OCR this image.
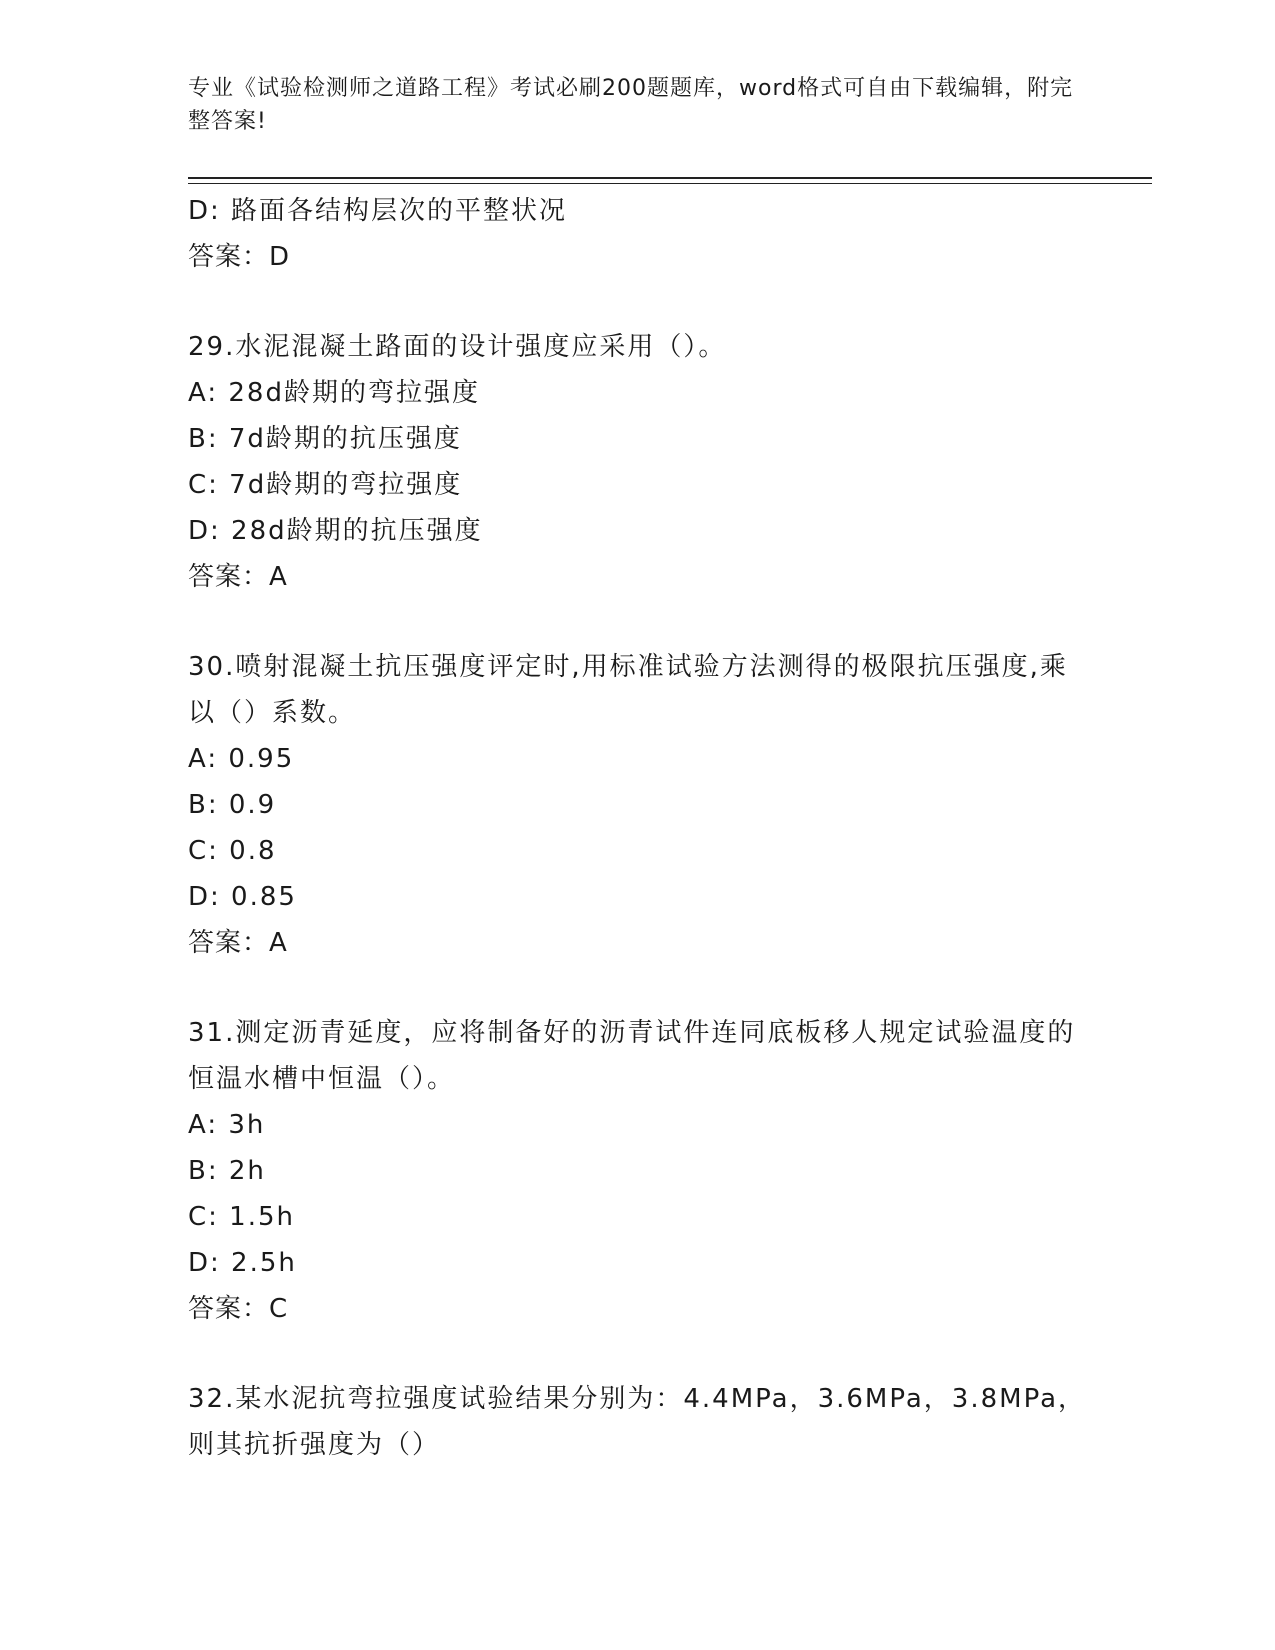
专业《试验检测师之道路工程》考试必刷200题题库，word格式可自由下载编辑，附完整答案!
D: 路面各结构层次的平整状况
答案：D
29.水泥混凝土路面的设计强度应采用（）。
A: 28d龄期的弯拉强度
B: 7d龄期的抗压强度
C: 7d龄期的弯拉强度
D: 28d龄期的抗压强度
答案：A
30.喷射混凝土抗压强度评定时,用标准试验方法测得的极限抗压强度,乘以（）系数。
A: 0.95
B: 0.9
C: 0.8
D: 0.85
答案：A
31.测定沥青延度，应将制备好的沥青试件连同底板移人规定试验温度的恒温水槽中恒温（）。
A: 3h
B: 2h
C: 1.5h
D: 2.5h
答案：C
32.某水泥抗弯拉强度试验结果分别为：4.4MPa，3.6MPa，3.8MPa，则其抗折强度为（）
